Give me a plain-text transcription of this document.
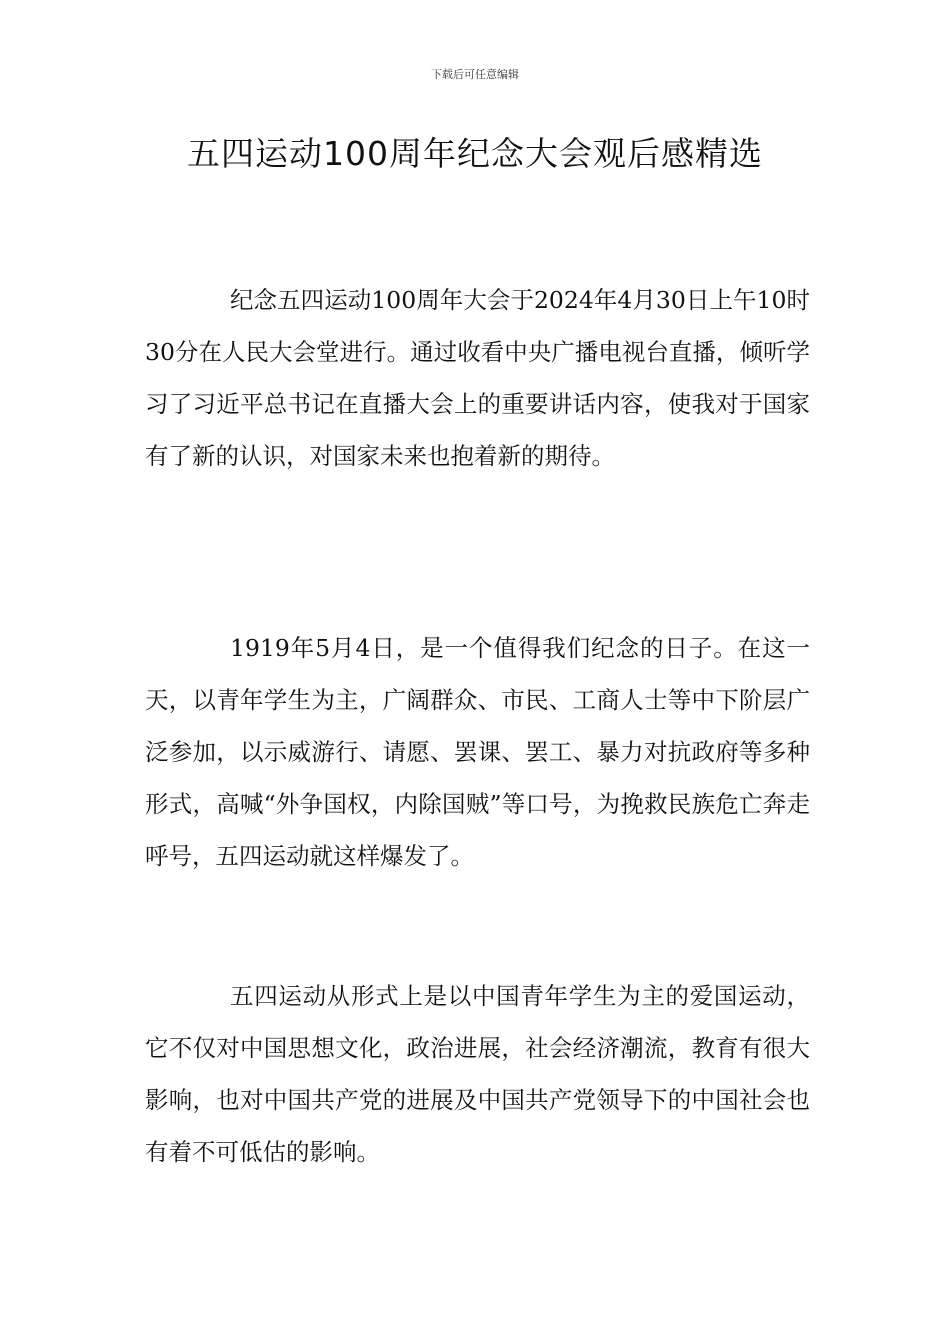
下载后可任意编辑
五四运动100周年纪念大会观后感精选

纪念五四运动100周年大会于2024年4月30日上午10时30分在人民大会堂进行。通过收看中央广播电视台直播，倾听学习了习近平总书记在直播大会上的重要讲话内容，使我对于国家有了新的认识，对国家未来也抱着新的期待。

1919年5月4日，是一个值得我们纪念的日子。在这一天，以青年学生为主，广阔群众、市民、工商人士等中下阶层广泛参加，以示威游行、请愿、罢课、罢工、暴力对抗政府等多种形式，高喊“外争国权，内除国贼”等口号，为挽救民族危亡奔走呼号，五四运动就这样爆发了。

五四运动从形式上是以中国青年学生为主的爱国运动，它不仅对中国思想文化，政治进展，社会经济潮流，教育有很大影响，也对中国共产党的进展及中国共产党领导下的中国社会也有着不可低估的影响。
